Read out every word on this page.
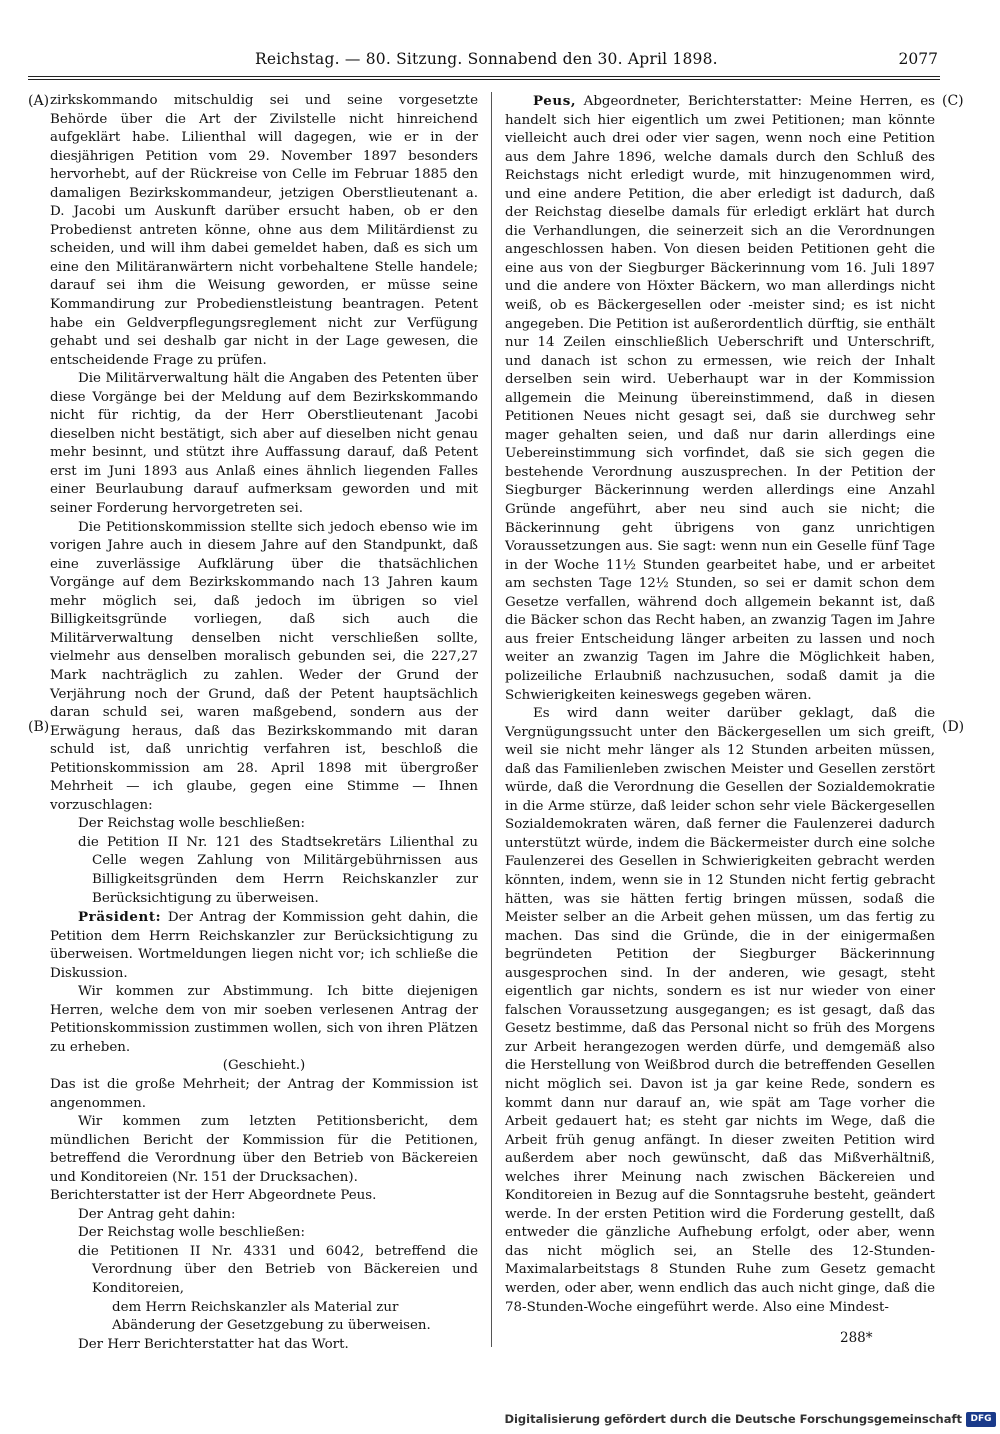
Reichstag. — 80. Sitzung. Sonnabend den 30. April 1898.	2077
(A)
(B)
(C)
(D)

zirkskommando mitschuldig sei und seine vorgesetzte Behörde über die Art der Zivilstelle nicht hinreichend aufgeklärt habe. Lilienthal will dagegen, wie er in der diesjährigen Petition vom 29. November 1897 besonders hervorhebt, auf der Rückreise von Celle im Februar 1885 den damaligen Bezirkskommandeur, jetzigen Oberstlieutenant a. D. Jacobi um Auskunft darüber ersucht haben, ob er den Probedienst antreten könne, ohne aus dem Militärdienst zu scheiden, und will ihm dabei gemeldet haben, daß es sich um eine den Militäranwärtern nicht vorbehaltene Stelle handele; darauf sei ihm die Weisung geworden, er müsse seine Kommandirung zur Probedienstleistung beantragen. Petent habe ein Geldverpflegungsreglement nicht zur Verfügung gehabt und sei deshalb gar nicht in der Lage gewesen, die entscheidende Frage zu prüfen.

Die Militärverwaltung hält die Angaben des Petenten über diese Vorgänge bei der Meldung auf dem Bezirkskommando nicht für richtig, da der Herr Oberstlieutenant Jacobi dieselben nicht bestätigt, sich aber auf dieselben nicht genau mehr besinnt, und stützt ihre Auffassung darauf, daß Petent erst im Juni 1893 aus Anlaß eines ähnlich liegenden Falles einer Beurlaubung darauf aufmerksam geworden und mit seiner Forderung hervorgetreten sei.

Die Petitionskommission stellte sich jedoch ebenso wie im vorigen Jahre auch in diesem Jahre auf den Standpunkt, daß eine zuverlässige Aufklärung über die thatsächlichen Vorgänge auf dem Bezirkskommando nach 13 Jahren kaum mehr möglich sei, daß jedoch im übrigen so viel Billigkeitsgründe vorliegen, daß sich auch die Militärverwaltung denselben nicht verschließen sollte, vielmehr aus denselben moralisch gebunden sei, die 227,27 Mark nachträglich zu zahlen. Weder der Grund der Verjährung noch der Grund, daß der Petent hauptsächlich daran schuld sei, waren maßgebend, sondern aus der Erwägung heraus, daß das Bezirkskommando mit daran schuld ist, daß unrichtig verfahren ist, beschloß die Petitionskommission am 28. April 1898 mit übergroßer Mehrheit — ich glaube, gegen eine Stimme — Ihnen vorzuschlagen:

Der Reichstag wolle beschließen:

die Petition II Nr. 121 des Stadtsekretärs Lilienthal zu Celle wegen Zahlung von Militärgebührnissen aus Billigkeitsgründen dem Herrn Reichskanzler zur Berücksichtigung zu überweisen.

Präsident: Der Antrag der Kommission geht dahin, die Petition dem Herrn Reichskanzler zur Berücksichtigung zu überweisen. Wortmeldungen liegen nicht vor; ich schließe die Diskussion.

Wir kommen zur Abstimmung. Ich bitte diejenigen Herren, welche dem von mir soeben verlesenen Antrag der Petitionskommission zustimmen wollen, sich von ihren Plätzen zu erheben.

(Geschieht.)

Das ist die große Mehrheit; der Antrag der Kommission ist angenommen.

Wir kommen zum letzten Petitionsbericht, dem mündlichen Bericht der Kommission für die Petitionen, betreffend die Verordnung über den Betrieb von Bäckereien und Konditoreien (Nr. 151 der Drucksachen).

Berichterstatter ist der Herr Abgeordnete Peus.

Der Antrag geht dahin:

Der Reichstag wolle beschließen:

die Petitionen II Nr. 4331 und 6042, betreffend die Verordnung über den Betrieb von Bäckereien und Konditoreien,

dem Herrn Reichskanzler als Material zur Abänderung der Gesetzgebung zu überweisen.

Der Herr Berichterstatter hat das Wort.

Peus, Abgeordneter, Berichterstatter: Meine Herren, es handelt sich hier eigentlich um zwei Petitionen; man könnte vielleicht auch drei oder vier sagen, wenn noch eine Petition aus dem Jahre 1896, welche damals durch den Schluß des Reichstags nicht erledigt wurde, mit hinzugenommen wird, und eine andere Petition, die aber erledigt ist dadurch, daß der Reichstag dieselbe damals für erledigt erklärt hat durch die Verhandlungen, die seinerzeit sich an die Verordnungen angeschlossen haben. Von diesen beiden Petitionen geht die eine aus von der Siegburger Bäckerinnung vom 16. Juli 1897 und die andere von Höxter Bäckern, wo man allerdings nicht weiß, ob es Bäckergesellen oder -meister sind; es ist nicht angegeben. Die Petition ist außerordentlich dürftig, sie enthält nur 14 Zeilen einschließlich Ueberschrift und Unterschrift, und danach ist schon zu ermessen, wie reich der Inhalt derselben sein wird. Ueberhaupt war in der Kommission allgemein die Meinung übereinstimmend, daß in diesen Petitionen Neues nicht gesagt sei, daß sie durchweg sehr mager gehalten seien, und daß nur darin allerdings eine Uebereinstimmung sich vorfindet, daß sie sich gegen die bestehende Verordnung auszusprechen. In der Petition der Siegburger Bäckerinnung werden allerdings eine Anzahl Gründe angeführt, aber neu sind auch sie nicht; die Bäckerinnung geht übrigens von ganz unrichtigen Voraussetzungen aus. Sie sagt: wenn nun ein Geselle fünf Tage in der Woche 11½ Stunden gearbeitet habe, und er arbeitet am sechsten Tage 12½ Stunden, so sei er damit schon dem Gesetze verfallen, während doch allgemein bekannt ist, daß die Bäcker schon das Recht haben, an zwanzig Tagen im Jahre aus freier Entscheidung länger arbeiten zu lassen und noch weiter an zwanzig Tagen im Jahre die Möglichkeit haben, polizeiliche Erlaubniß nachzusuchen, sodaß damit ja die Schwierigkeiten keineswegs gegeben wären.

Es wird dann weiter darüber geklagt, daß die Vergnügungssucht unter den Bäckergesellen um sich greift, weil sie nicht mehr länger als 12 Stunden arbeiten müssen, daß das Familienleben zwischen Meister und Gesellen zerstört würde, daß die Verordnung die Gesellen der Sozialdemokratie in die Arme stürze, daß leider schon sehr viele Bäckergesellen Sozialdemokraten wären, daß ferner die Faulenzerei dadurch unterstützt würde, indem die Bäckermeister durch eine solche Faulenzerei des Gesellen in Schwierigkeiten gebracht werden könnten, indem, wenn sie in 12 Stunden nicht fertig gebracht hätten, was sie hätten fertig bringen müssen, sodaß die Meister selber an die Arbeit gehen müssen, um das fertig zu machen. Das sind die Gründe, die in der einigermaßen begründeten Petition der Siegburger Bäckerinnung ausgesprochen sind. In der anderen, wie gesagt, steht eigentlich gar nichts, sondern es ist nur wieder von einer falschen Voraussetzung ausgegangen; es ist gesagt, daß das Gesetz bestimme, daß das Personal nicht so früh des Morgens zur Arbeit herangezogen werden dürfe, und demgemäß also die Herstellung von Weißbrod durch die betreffenden Gesellen nicht möglich sei. Davon ist ja gar keine Rede, sondern es kommt dann nur darauf an, wie spät am Tage vorher die Arbeit gedauert hat; es steht gar nichts im Wege, daß die Arbeit früh genug anfängt. In dieser zweiten Petition wird außerdem aber noch gewünscht, daß das Mißverhältniß, welches ihrer Meinung nach zwischen Bäckereien und Konditoreien in Bezug auf die Sonntagsruhe besteht, geändert werde. In der ersten Petition wird die Forderung gestellt, daß entweder die gänzliche Aufhebung erfolgt, oder aber, wenn das nicht möglich sei, an Stelle des 12-Stunden-Maximalarbeitstags 8 Stunden Ruhe zum Gesetz gemacht werden, oder aber, wenn endlich das auch nicht ginge, daß die 78-Stunden-Woche eingeführt werde. Also eine Mindest-

288*
Digitalisierung gefördert durch die Deutsche Forschungsgemeinschaft DFG
